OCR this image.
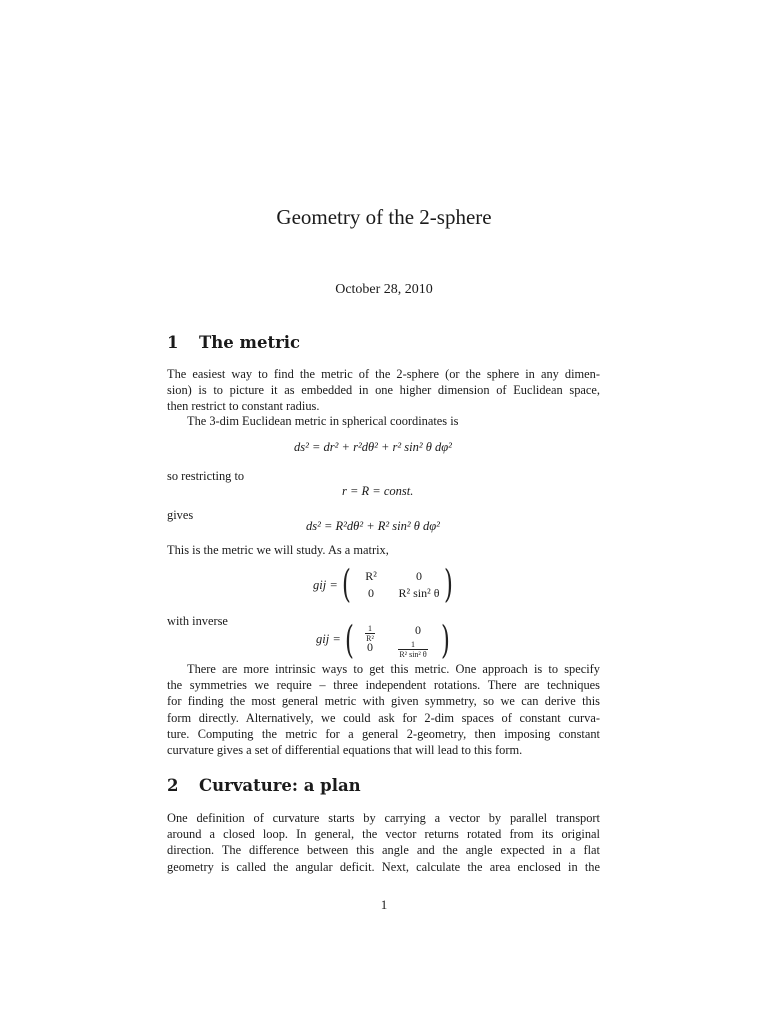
Geometry of the 2-sphere
October 28, 2010
1 The metric
The easiest way to find the metric of the 2-sphere (or the sphere in any dimen-
sion) is to picture it as embedded in one higher dimension of Euclidean space,
then restrict to constant radius.
The 3-dim Euclidean metric in spherical coordinates is
ds² = dr² + r²dθ² + r² sin² θ dφ²
so restricting to
r = R = const.
gives
ds² = R²dθ² + R² sin² θ dφ²
This is the metric we will study. As a matrix,
gij = (	R²	0
0	R² sin² θ )
with inverse
gij = ( $\frac{1}{\text{R²}}$	0
0	$\frac{1}{\text{R² sin² θ}}$ )
There are more intrinsic ways to get this metric. One approach is to specify
the symmetries we require – three independent rotations. There are techniques
for finding the most general metric with given symmetry, so we can derive this
form directly. Alternatively, we could ask for 2-dim spaces of constant curva-
ture. Computing the metric for a general 2-geometry, then imposing constant
curvature gives a set of differential equations that will lead to this form.
2 Curvature: a plan
One definition of curvature starts by carrying a vector by parallel transport
around a closed loop. In general, the vector returns rotated from its original
direction. The difference between this angle and the angle expected in a flat
geometry is called the angular deficit. Next, calculate the area enclosed in the
1
